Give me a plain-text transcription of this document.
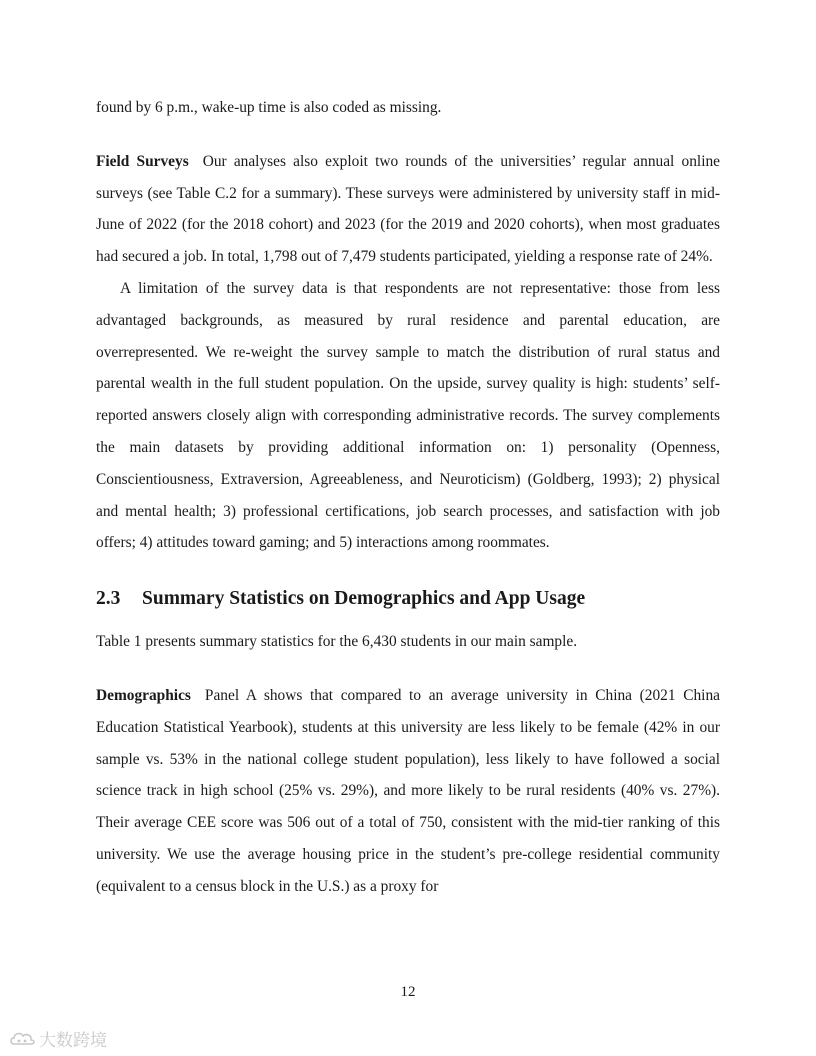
found by 6 p.m., wake-up time is also coded as missing.

Field Surveys Our analyses also exploit two rounds of the universities’ regular annual online surveys (see Table C.2 for a summary). These surveys were administered by university staff in mid-June of 2022 (for the 2018 cohort) and 2023 (for the 2019 and 2020 cohorts), when most graduates had secured a job. In total, 1,798 out of 7,479 students participated, yielding a response rate of 24%.

A limitation of the survey data is that respondents are not representative: those from less advantaged backgrounds, as measured by rural residence and parental education, are overrepresented. We re-weight the survey sample to match the distribution of rural status and parental wealth in the full student population. On the upside, survey quality is high: students’ self-reported answers closely align with corresponding administrative records. The survey complements the main datasets by providing additional information on: 1) personality (Openness, Conscientiousness, Extraversion, Agreeableness, and Neuroticism) (Goldberg, 1993); 2) physical and mental health; 3) professional certifications, job search processes, and satisfaction with job offers; 4) attitudes toward gaming; and 5) interactions among roommates.

2.3 Summary Statistics on Demographics and App Usage

Table 1 presents summary statistics for the 6,430 students in our main sample.

Demographics Panel A shows that compared to an average university in China (2021 China Education Statistical Yearbook), students at this university are less likely to be female (42% in our sample vs. 53% in the national college student population), less likely to have followed a social science track in high school (25% vs. 29%), and more likely to be rural residents (40% vs. 27%). Their average CEE score was 506 out of a total of 750, consistent with the mid-tier ranking of this university. We use the average housing price in the student’s pre-college residential community (equivalent to a census block in the U.S.) as a proxy for

12
大数跨境
